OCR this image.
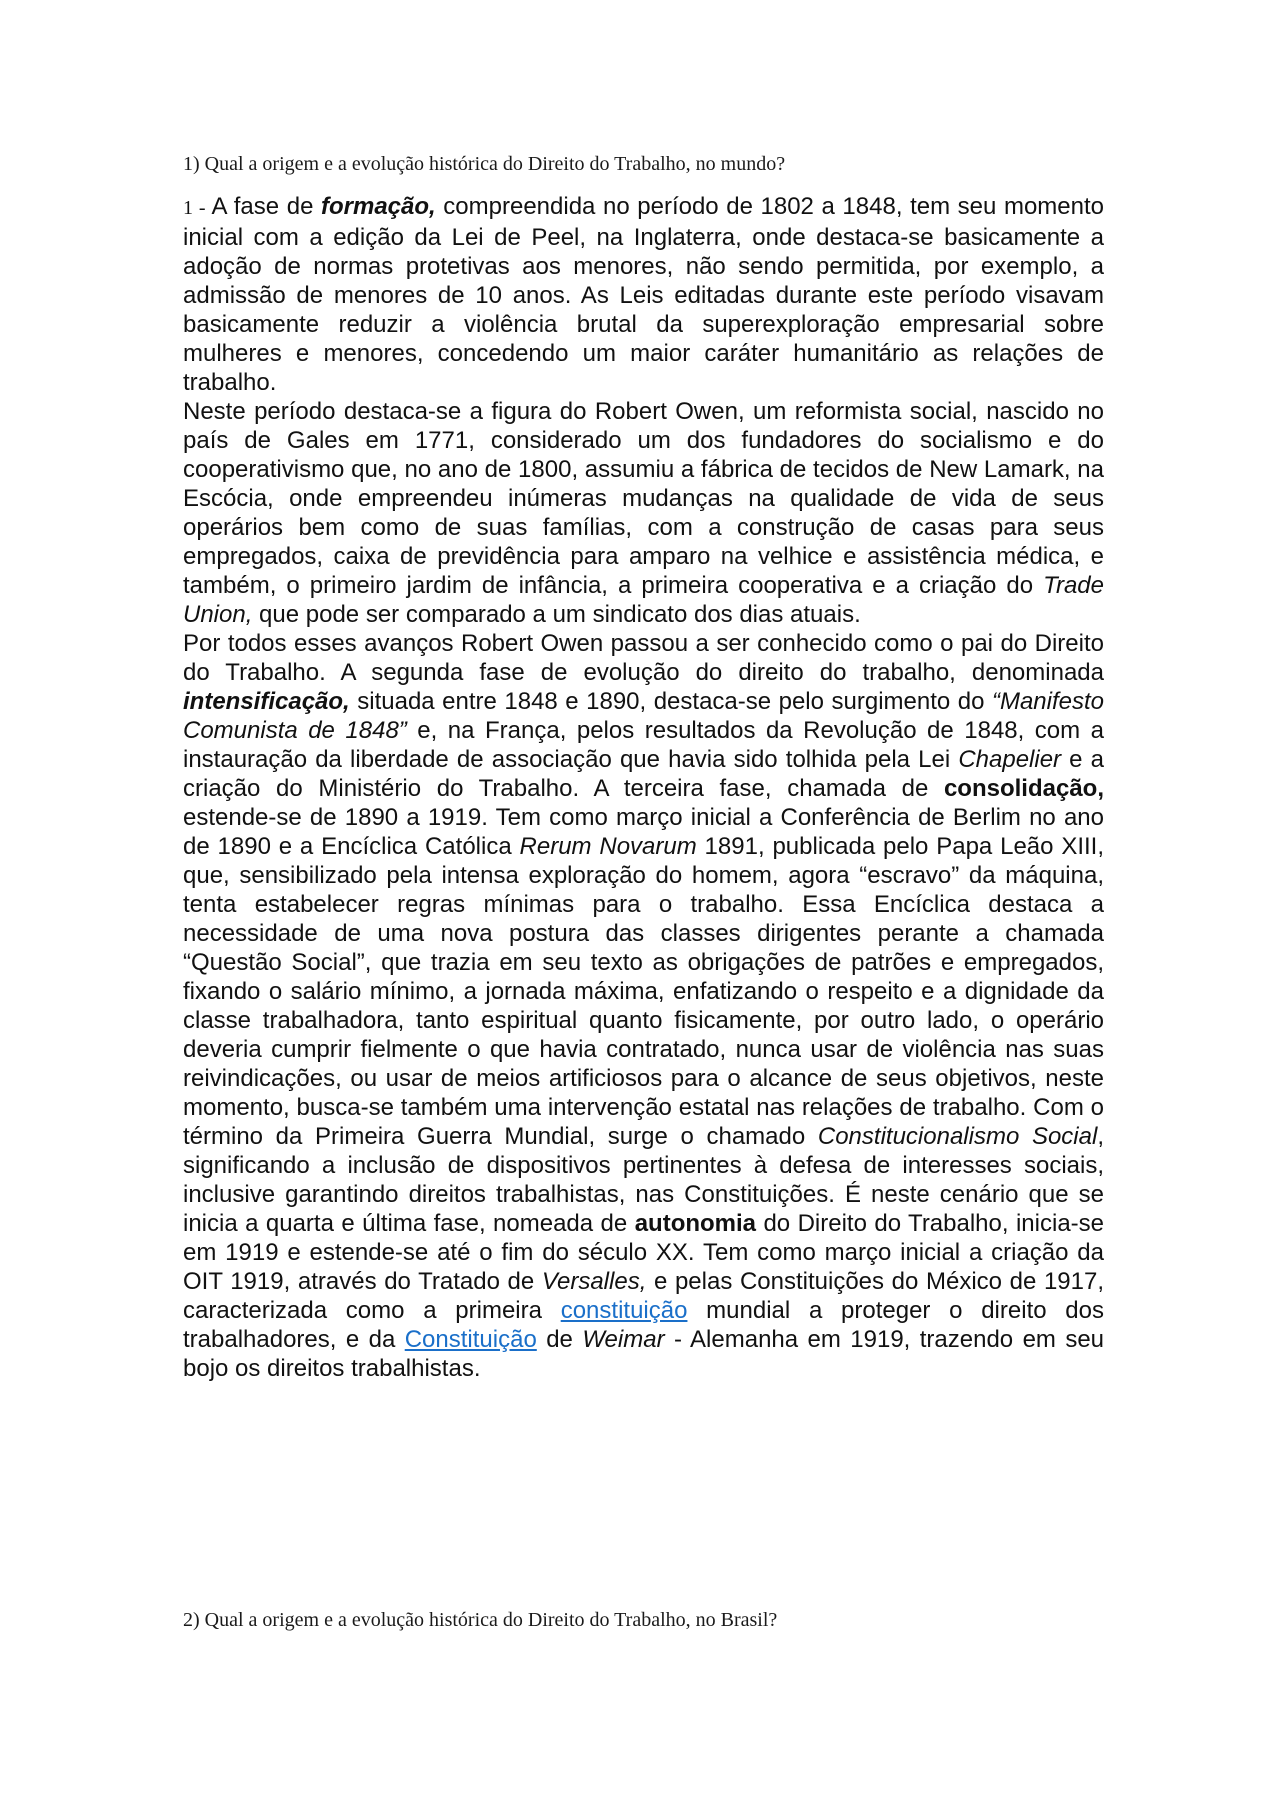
1) Qual a origem e a evolução histórica do Direito do Trabalho, no mundo?

1 - A fase de formação, compreendida no período de 1802 a 1848, tem seu momento inicial com a edição da Lei de Peel, na Inglaterra, onde destaca-se basicamente a adoção de normas protetivas aos menores, não sendo permitida, por exemplo, a admissão de menores de 10 anos. As Leis editadas durante este período visavam basicamente reduzir a violência brutal da superexploração empresarial sobre mulheres e menores, concedendo um maior caráter humanitário as relações de trabalho.

Neste período destaca-se a figura do Robert Owen, um reformista social, nascido no país de Gales em 1771, considerado um dos fundadores do socialismo e do cooperativismo que, no ano de 1800, assumiu a fábrica de tecidos de New Lamark, na Escócia, onde empreendeu inúmeras mudanças na qualidade de vida de seus operários bem como de suas famílias, com a construção de casas para seus empregados, caixa de previdência para amparo na velhice e assistência médica, e também, o primeiro jardim de infância, a primeira cooperativa e a criação do Trade Union, que pode ser comparado a um sindicato dos dias atuais.

Por todos esses avanços Robert Owen passou a ser conhecido como o pai do Direito do Trabalho. A segunda fase de evolução do direito do trabalho, denominada intensificação, situada entre 1848 e 1890, destaca-se pelo surgimento do “Manifesto Comunista de 1848” e, na França, pelos resultados da Revolução de 1848, com a instauração da liberdade de associação que havia sido tolhida pela Lei Chapelier e a criação do Ministério do Trabalho. A terceira fase, chamada de consolidação, estende-se de 1890 a 1919. Tem como março inicial a Conferência de Berlim no ano de 1890 e a Encíclica Católica Rerum Novarum 1891, publicada pelo Papa Leão XIII, que, sensibilizado pela intensa exploração do homem, agora “escravo” da máquina, tenta estabelecer regras mínimas para o trabalho. Essa Encíclica destaca a necessidade de uma nova postura das classes dirigentes perante a chamada “Questão Social”, que trazia em seu texto as obrigações de patrões e empregados, fixando o salário mínimo, a jornada máxima, enfatizando o respeito e a dignidade da classe trabalhadora, tanto espiritual quanto fisicamente, por outro lado, o operário deveria cumprir fielmente o que havia contratado, nunca usar de violência nas suas reivindicações, ou usar de meios artificiosos para o alcance de seus objetivos, neste momento, busca-se também uma intervenção estatal nas relações de trabalho. Com o término da Primeira Guerra Mundial, surge o chamado Constitucionalismo Social, significando a inclusão de dispositivos pertinentes à defesa de interesses sociais, inclusive garantindo direitos trabalhistas, nas Constituições. É neste cenário que se inicia a quarta e última fase, nomeada de autonomia do Direito do Trabalho, inicia-se em 1919 e estende-se até o fim do século XX. Tem como março inicial a criação da OIT 1919, através do Tratado de Versalles, e pelas Constituições do México de 1917, caracterizada como a primeira constituição mundial a proteger o direito dos trabalhadores, e da Constituição de Weimar - Alemanha em 1919, trazendo em seu bojo os direitos trabalhistas.

2) Qual a origem e a evolução histórica do Direito do Trabalho, no Brasil?
